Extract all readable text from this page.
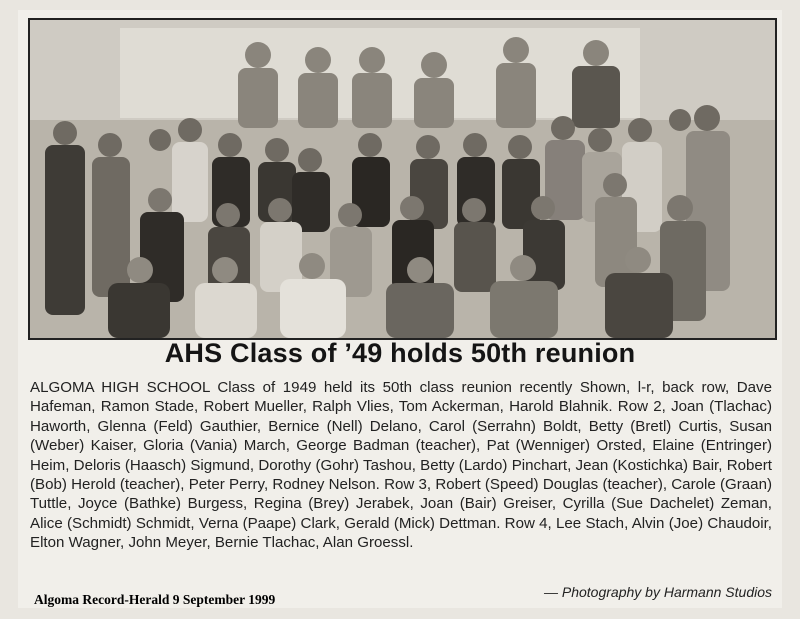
AHS Class of ’49 holds 50th reunion
ALGOMA HIGH SCHOOL Class of 1949 held its 50th class reunion recently Shown, l-r, back row, Dave Hafeman, Ramon Stade, Robert Mueller, Ralph Vlies, Tom Ackerman, Harold Blahnik. Row 2, Joan (Tlachac) Haworth, Glenna (Feld) Gauthier, Bernice (Nell) Delano, Carol (Serrahn) Boldt, Betty (Bretl) Curtis, Susan (Weber) Kaiser, Gloria (Vania) March, George Badman (teacher), Pat (Wenniger) Orsted, Elaine (Entringer) Heim, Deloris (Haasch) Sigmund, Dorothy (Gohr) Tashou, Betty (Lardo) Pinchart, Jean (Kostichka) Bair, Robert (Bob) Herold (teacher), Peter Perry, Rodney Nelson. Row 3, Robert (Speed) Douglas (teacher), Carole (Graan) Tuttle, Joyce (Bathke) Burgess, Regina (Brey) Jerabek, Joan (Bair) Greiser, Cyrilla (Sue Dachelet) Zeman, Alice (Schmidt) Schmidt, Verna (Paape) Clark, Gerald (Mick) Dettman. Row 4, Lee Stach, Alvin (Joe) Chaudoir, Elton Wagner, John Meyer, Bernie Tlachac, Alan Groessl.
— Photography by Harmann Studios
Algoma Record-Herald 9 September 1999
